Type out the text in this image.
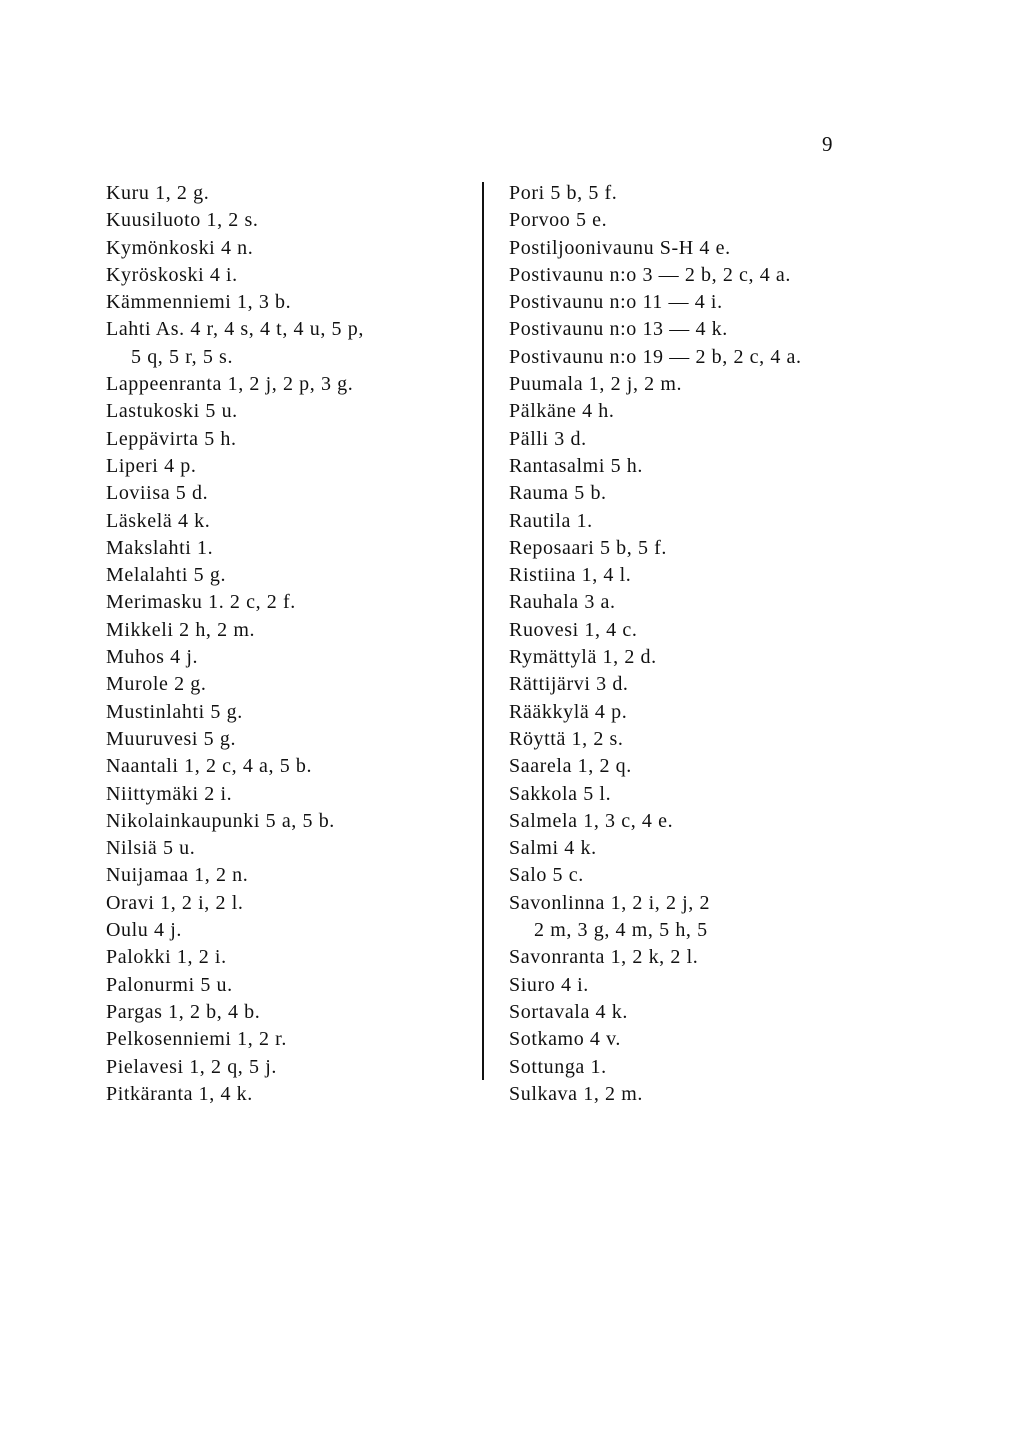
9
Kuru 1, 2 g.
Kuusiluoto 1, 2 s.
Kymönkoski 4 n.
Kyröskoski 4 i.
Kämmenniemi 1, 3 b.
Lahti As. 4 r, 4 s, 4 t, 4 u, 5 p,
5 q, 5 r, 5 s.
Lappeenranta 1, 2 j, 2 p, 3 g.
Lastukoski 5 u.
Leppävirta 5 h.
Liperi 4 p.
Loviisa 5 d.
Läskelä 4 k.
Makslahti 1.
Melalahti 5 g.
Merimasku 1. 2 c, 2 f.
Mikkeli 2 h, 2 m.
Muhos 4 j.
Murole 2 g.
Mustinlahti 5 g.
Muuruvesi 5 g.
Naantali 1, 2 c, 4 a, 5 b.
Niittymäki 2 i.
Nikolainkaupunki 5 a, 5 b.
Nilsiä 5 u.
Nuijamaa 1, 2 n.
Oravi 1, 2 i, 2 l.
Oulu 4 j.
Palokki 1, 2 i.
Palonurmi 5 u.
Pargas 1, 2 b, 4 b.
Pelkosenniemi 1, 2 r.
Pielavesi 1, 2 q, 5 j.
Pitkäranta 1, 4 k.
Pori 5 b, 5 f.
Porvoo 5 e.
Postiljoonivaunu S-H 4 e.
Postivaunu n:o 3 — 2 b, 2 c, 4 a.
Postivaunu n:o 11 — 4 i.
Postivaunu n:o 13 — 4 k.
Postivaunu n:o 19 — 2 b, 2 c, 4 a.
Puumala 1, 2 j, 2 m.
Pälkäne 4 h.
Pälli 3 d.
Rantasalmi 5 h.
Rauma 5 b.
Rautila 1.
Reposaari 5 b, 5 f.
Ristiina 1, 4 l.
Rauhala 3 a.
Ruovesi 1, 4 c.
Rymättylä 1, 2 d.
Rättijärvi 3 d.
Rääkkylä 4 p.
Röyttä 1, 2 s.
Saarela 1, 2 q.
Sakkola 5 l.
Salmela 1, 3 c, 4 e.
Salmi 4 k.
Salo 5 c.
Savonlinna 1, 2 i, 2 j, 2
2 m, 3 g, 4 m, 5 h, 5
Savonranta 1, 2 k, 2 l.
Siuro 4 i.
Sortavala 4 k.
Sotkamo 4 v.
Sottunga 1.
Sulkava 1, 2 m.
